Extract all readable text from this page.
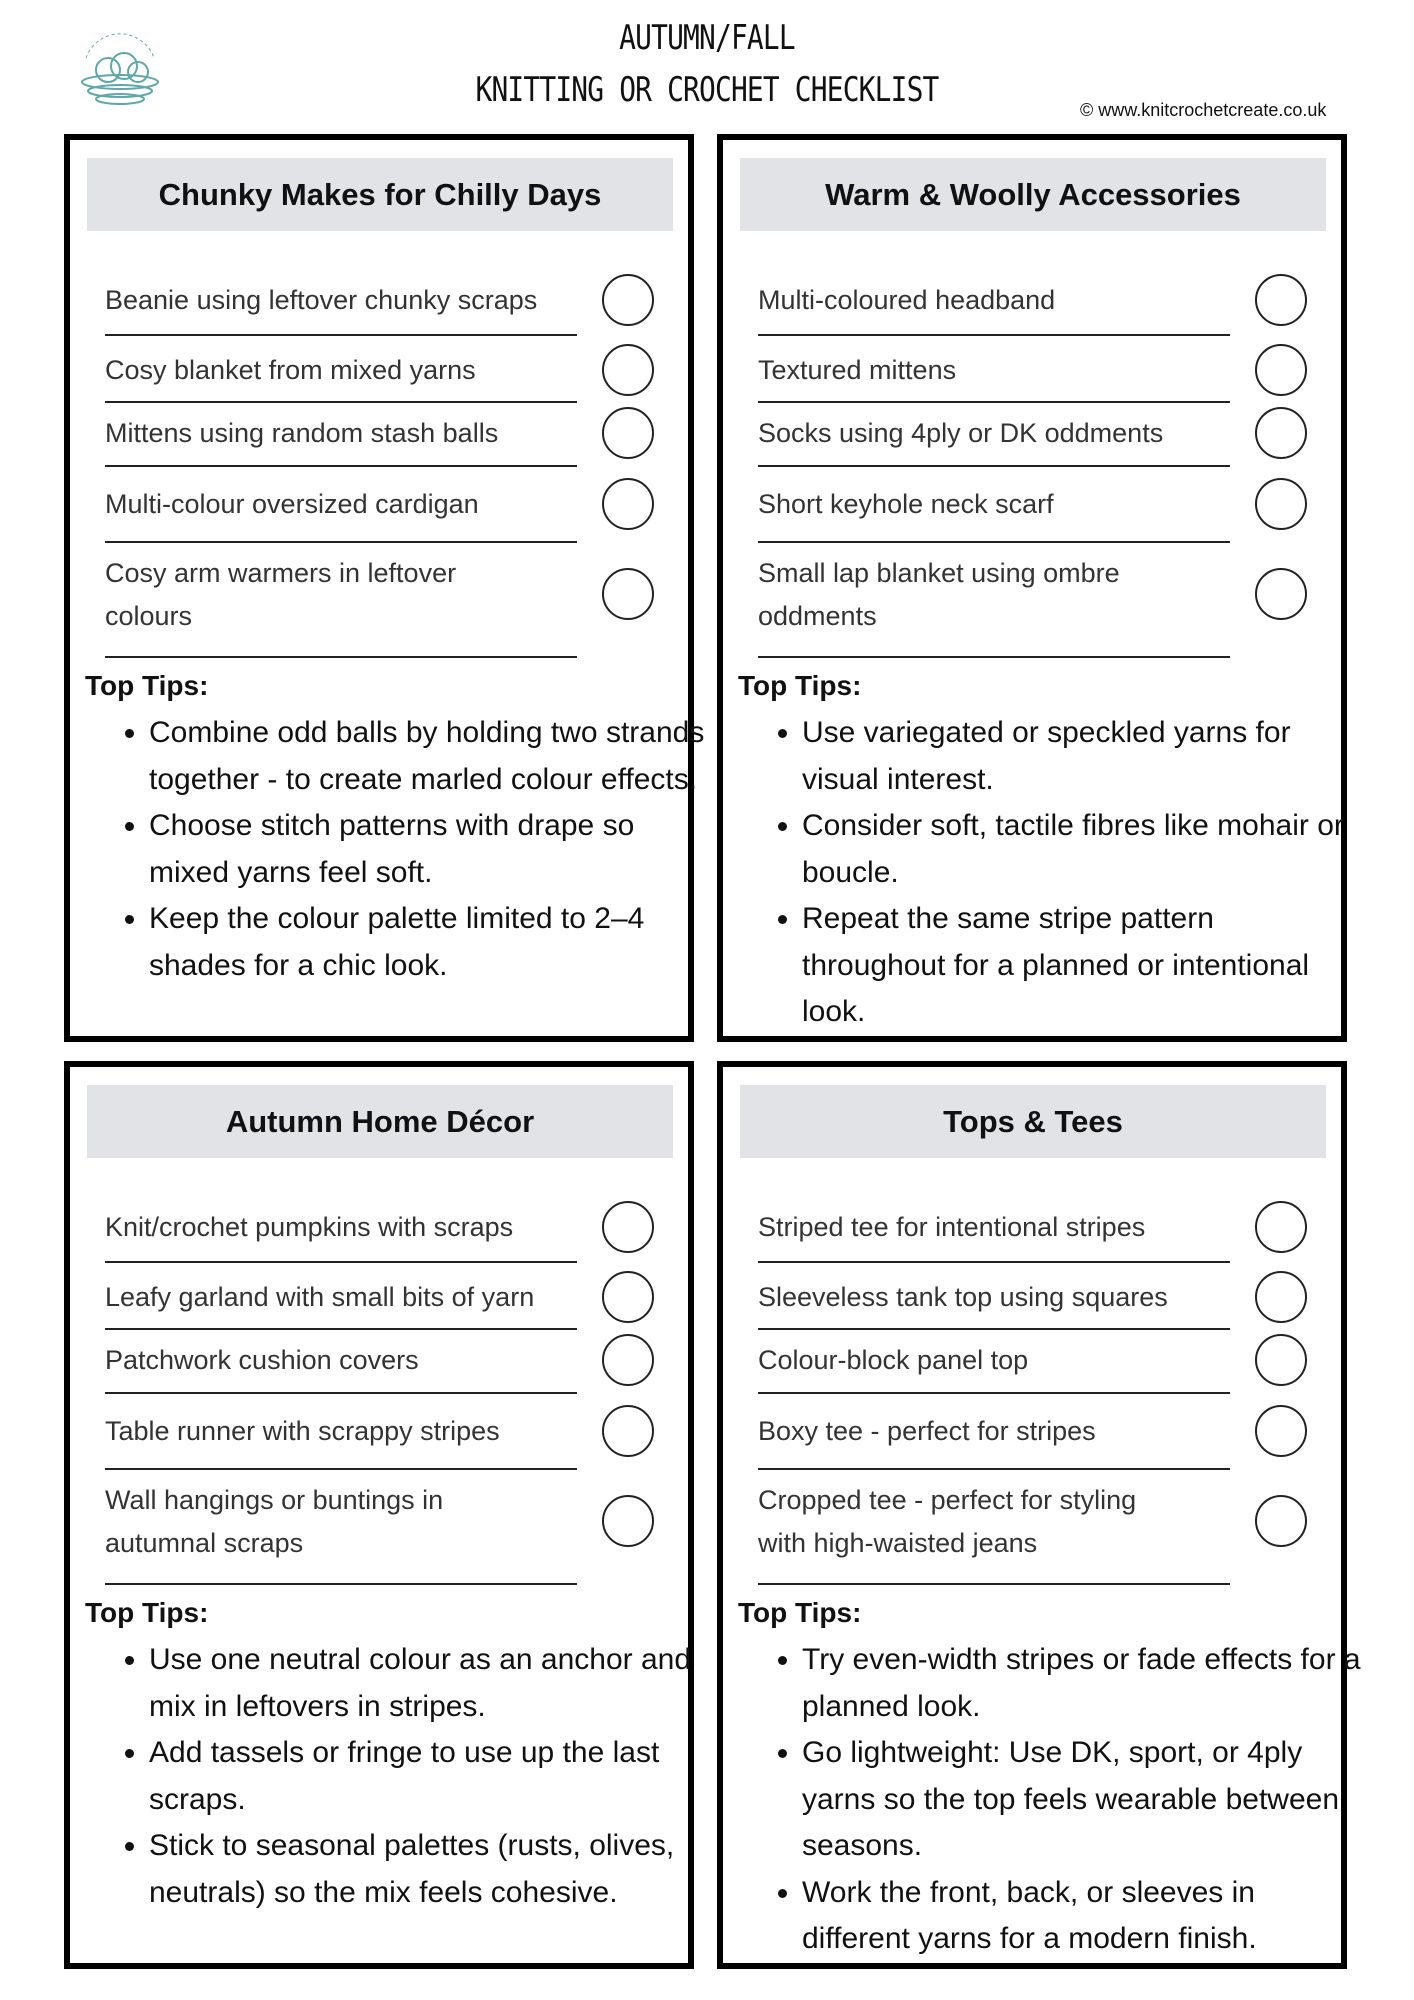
AUTUMN/FALL
KNITTING OR CROCHET CHECKLIST	© www.knitcrochetcreate.co.uk
Chunky Makes for Chilly Days
Beanie using leftover chunky scraps
Cosy blanket from mixed yarns
Mittens using random stash balls
Multi-colour oversized cardigan
Cosy arm warmers in leftover colours
Top Tips:
• Combine odd balls by holding two strands together - to create marled colour effects.
• Choose stitch patterns with drape so mixed yarns feel soft.
• Keep the colour palette limited to 2–4 shades for a chic look.
Warm & Woolly Accessories
Multi-coloured headband
Textured mittens
Socks using 4ply or DK oddments
Short keyhole neck scarf
Small lap blanket using ombre oddments
Top Tips:
• Use variegated or speckled yarns for visual interest.
• Consider soft, tactile fibres like mohair or boucle.
• Repeat the same stripe pattern throughout for a planned or intentional look.
Autumn Home Décor
Knit/crochet pumpkins with scraps
Leafy garland with small bits of yarn
Patchwork cushion covers
Table runner with scrappy stripes
Wall hangings or buntings in autumnal scraps
Top Tips:
• Use one neutral colour as an anchor and mix in leftovers in stripes.
• Add tassels or fringe to use up the last scraps.
• Stick to seasonal palettes (rusts, olives, neutrals) so the mix feels cohesive.
Tops & Tees
Striped tee for intentional stripes
Sleeveless tank top using squares
Colour-block panel top
Boxy tee - perfect for stripes
Cropped tee - perfect for styling with high-waisted jeans
Top Tips:
• Try even-width stripes or fade effects for a planned look.
• Go lightweight: Use DK, sport, or 4ply yarns so the top feels wearable between seasons.
• Work the front, back, or sleeves in different yarns for a modern finish.
